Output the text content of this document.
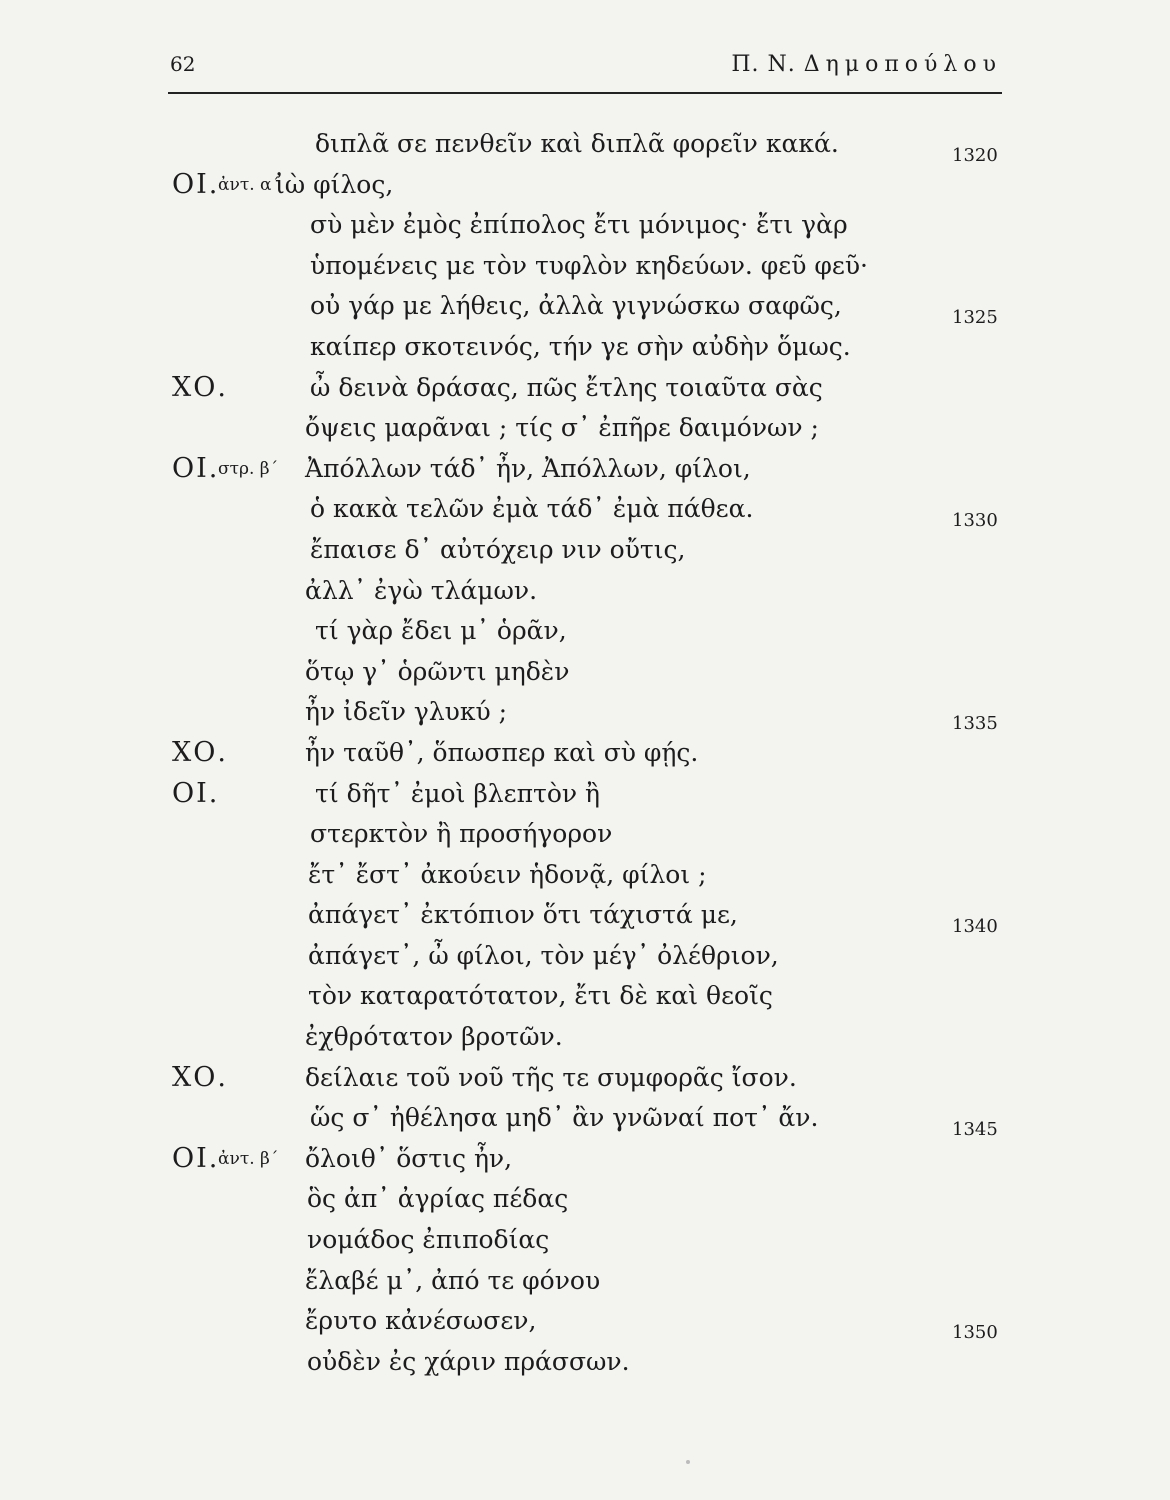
62	Π. Ν. Δημοπούλου
διπλᾶ σε πενθεῖν καὶ διπλᾶ φορεῖν κακά.	1320
ΟΙ.
ἀντ. α΄
ἰὼ φίλος,
σὺ μὲν ἐμὸς ἐπίπολος ἔτι μόνιμος· ἔτι γὰρ
ὑπομένεις με τὸν τυφλὸν κηδεύων. φεῦ φεῦ·
οὐ γάρ με λήθεις, ἀλλὰ γιγνώσκω σαφῶς,	1325
καίπερ σκοτεινός, τήν γε σὴν αὐδὴν ὅμως.
ΧΟ.	ὦ δεινὰ δράσας, πῶς ἔτλης τοιαῦτα σὰς
ὄψεις μαρᾶναι ; τίς σ᾽ ἐπῆρε δαιμόνων ;
ΟΙ.
στρ. β΄ Ἀπόλλων τάδ᾽ ἦν, Ἀπόλλων, φίλοι,
ὁ κακὰ τελῶν ἐμὰ τάδ᾽ ἐμὰ πάθεα.	1330
ἔπαισε δ᾽ αὐτόχειρ νιν οὔτις,
ἀλλ᾽ ἐγὼ τλάμων.
τί γὰρ ἔδει μ᾽ ὁρᾶν,
ὅτῳ γ᾽ ὁρῶντι μηδὲν
ἦν ἰδεῖν γλυκύ ;	1335
ΧΟ.	ἦν ταῦθ᾽, ὅπωσπερ καὶ σὺ φῄς.
ΟΙ.	τί δῆτ᾽ ἐμοὶ βλεπτὸν ἢ
στερκτὸν ἢ προσήγορον
ἔτ᾽ ἔστ᾽ ἀκούειν ἡδονᾷ, φίλοι ;
ἀπάγετ᾽ ἐκτόπιον ὅτι τάχιστά με,	1340
ἀπάγετ᾽, ὦ φίλοι, τὸν μέγ᾽ ὀλέθριον,
τὸν καταρατότατον, ἔτι δὲ καὶ θεοῖς
ἐχθρότατον βροτῶν.
ΧΟ.	δείλαιε τοῦ νοῦ τῆς τε συμφορᾶς ἴσον.
ὥς σ᾽ ἠθέλησα μηδ᾽ ἂν γνῶναί ποτ᾽ ἄν.	1345
ΟΙ.
ἀντ. β΄ ὄλοιθ᾽ ὅστις ἦν,
ὃς ἀπ᾽ ἀγρίας πέδας
νομάδος ἐπιποδίας
ἔλαβέ μ᾽, ἀπό τε φόνου
ἔρυτο κἀνέσωσεν,	1350
οὐδὲν ἐς χάριν πράσσων.
